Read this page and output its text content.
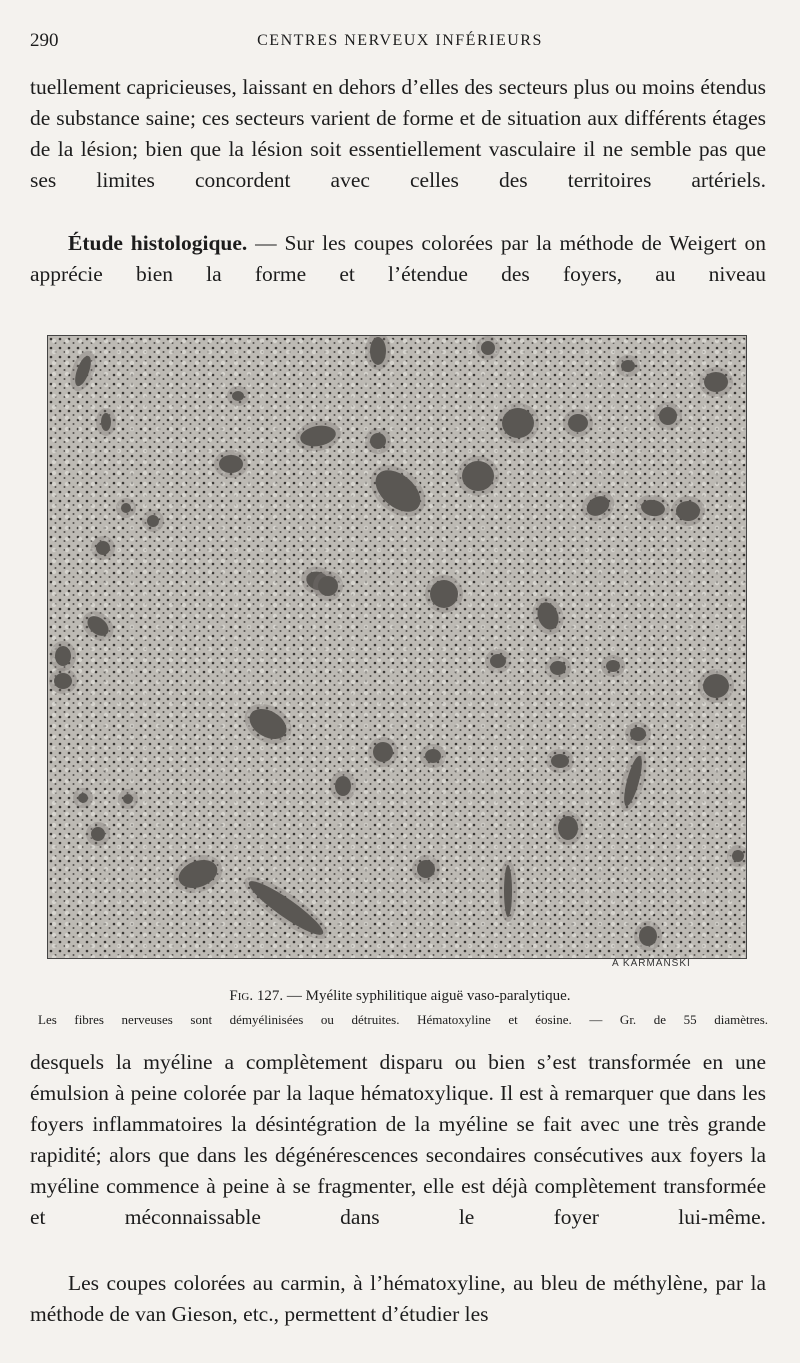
290	CENTRES NERVEUX INFÉRIEURS

tuellement capricieuses, laissant en dehors d’elles des secteurs plus ou moins étendus de substance saine; ces secteurs varient de forme et de situation aux différents étages de la lésion; bien que la lésion soit essentiellement vasculaire il ne semble pas que ses limites concordent avec celles des territoires artériels.

Étude histologique. — Sur les coupes colorées par la méthode de Weigert on apprécie bien la forme et l’étendue des foyers, au niveau

A KARMANSKI
Fig. 127. — Myélite syphilitique aiguë vaso-paralytique.
Les fibres nerveuses sont démyélinisées ou détruites. Hématoxyline et éosine. — Gr. de 55 diamètres.

desquels la myéline a complètement disparu ou bien s’est transformée en une émulsion à peine colorée par la laque hématoxylique. Il est à remarquer que dans les foyers inflammatoires la désintégration de la myéline se fait avec une très grande rapidité; alors que dans les dégénérescences secondaires consécutives aux foyers la myéline commence à peine à se fragmenter, elle est déjà complètement transformée et méconnaissable dans le foyer lui-même.

Les coupes colorées au carmin, à l’hématoxyline, au bleu de méthylène, par la méthode de van Gieson, etc., permettent d’étudier les
